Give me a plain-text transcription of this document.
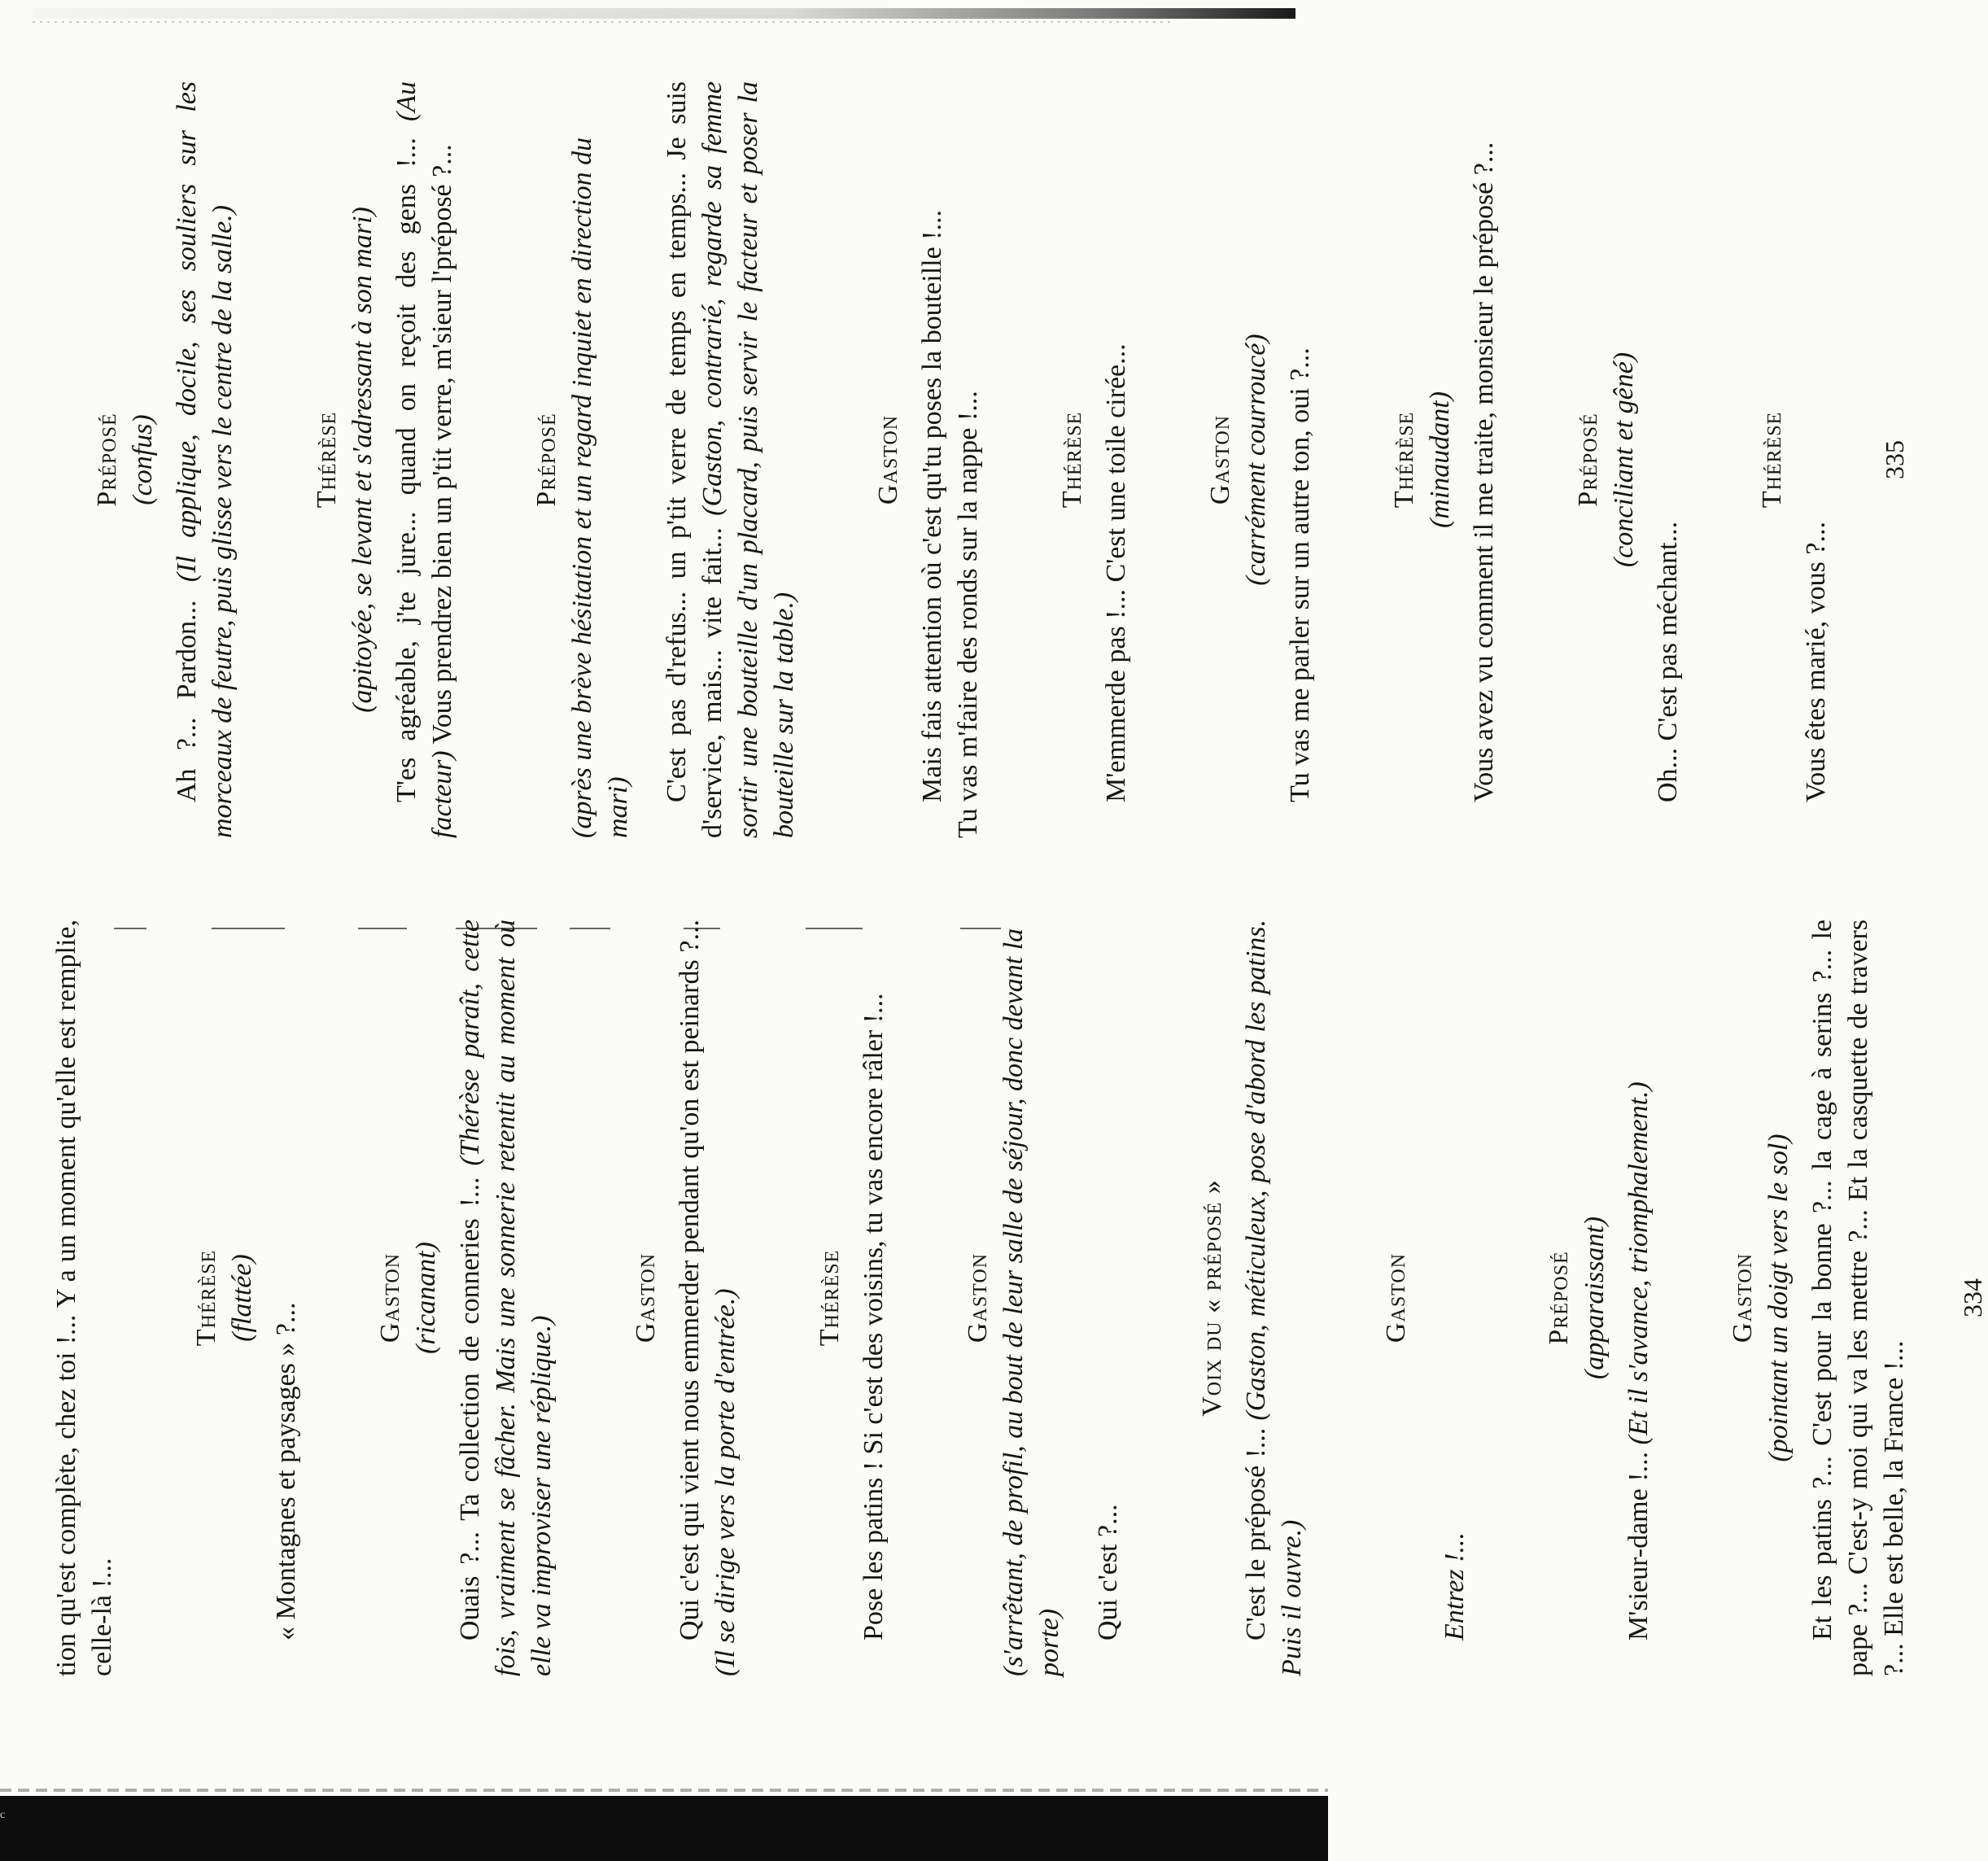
c

tion qu'est complète, chez toi !... Y a un moment qu'elle est remplie, celle-là !...

Thérèse (flattée)

« Montagnes et paysages » ?...

Gaston (ricanant) Ouais ?... Ta collection de conneries !... (Thérèse paraît, cette fois, vraiment se fâcher. Mais une sonnerie retentit au moment où elle va improviser une réplique.)

Gaston Qui c'est qui vient nous emmerder pendant qu'on est peinards ?... (Il se dirige vers la porte d'entrée.)	Thérèse Pose les patins ! Si c'est des voisins, tu vas encore râler !...	Gaston (s'arrêtant, de profil, au bout de leur salle de séjour, donc devant la porte)

Qui c'est ?...

Voix du « préposé »

C'est le préposé !... (Gaston, méticuleux, pose d'abord les patins. Puis il ouvre.)

Gaston

Entrez !...

Préposé (apparaissant)

M'sieur-dame !... (Et il s'avance, triomphalement.)	Gaston (pointant un doigt vers le sol) Et les patins ?... C'est pour la bonne ?... la cage à serins ?... le pape ?... C'est-y moi qui va les mettre ?... Et la casquette de travers ?... Elle est belle, la France !...

334
Préposé (confus)

Ah ?... Pardon... (Il applique, docile, ses souliers sur les morceaux de feutre, puis glisse vers le centre de la salle.)	Thérèse (apitoyée, se levant et s'adressant à son mari) T'es agréable, j'te jure... quand on reçoit des gens !... (Au facteur) Vous prendrez bien un p'tit verre, m'sieur l'préposé ?...	Préposé (après une brève hésitation et un regard inquiet en direction du mari)

C'est pas d'refus... un p'tit verre de temps en temps... Je suis d'service, mais... vite fait... (Gaston, contrarié, regarde sa femme sortir une bouteille d'un placard, puis servir le facteur et poser la bouteille sur la table.)

Gaston Mais fais attention où c'est qu'tu poses la bouteille !... Tu vas m'faire des ronds sur la nappe !...	Thérèse M'emmerde pas !... C'est une toile cirée...	Gaston (carrément courroucé) Tu vas me parler sur un autre ton, oui ?...	Thérèse (minaudant) Vous avez vu comment il me traite, monsieur le préposé ?...	Préposé (conciliant et gêné)

Oh... C'est pas méchant...

Thérèse

Vous êtes marié, vous ?...

335
